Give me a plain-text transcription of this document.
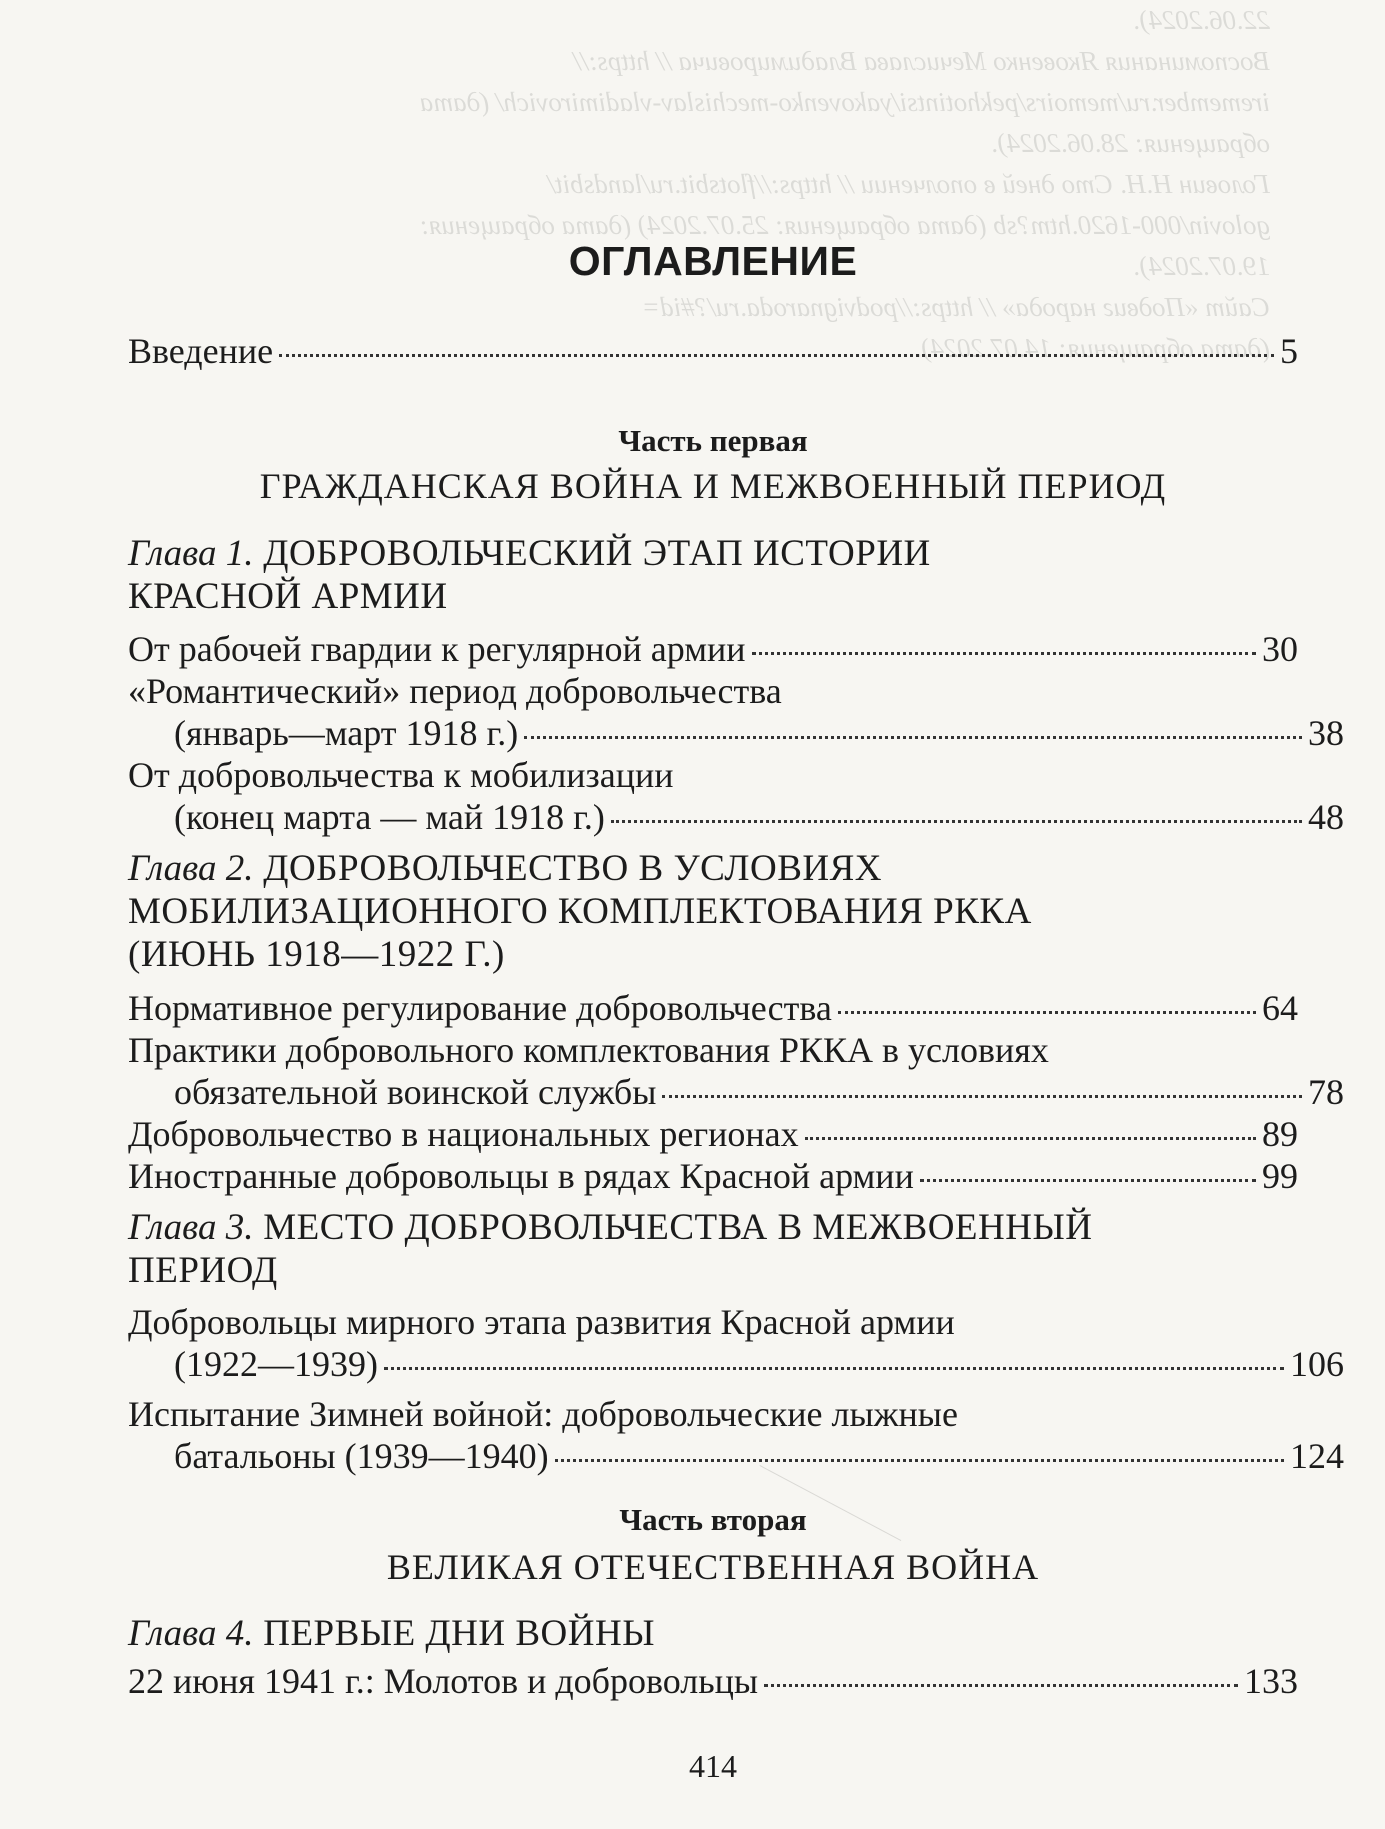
22.06.2024).
Воспоминания Яковенко Мечислава Владимировича // https://
iremember.ru/memoirs/pekhotintsi/yakovenko-mechislav-vladimirovich/ (дата
обращения: 28.06.2024).
Головин Н.Н. Сто дней в ополчении // https://flotsbit.ru/landsbit/
golovin/000-1620.htm?sb (дата обращения: 25.07.2024) (дата обращения:
19.07.2024).
Сайт «Подвиг народа» // https://podvignaroda.ru/?#id=
(дата обращения: 14.07.2024).
ОГЛАВЛЕНИЕ
Введение	5
Часть первая
ГРАЖДАНСКАЯ ВОЙНА И МЕЖВОЕННЫЙ ПЕРИОД
Глава 1. ДОБРОВОЛЬЧЕСКИЙ ЭТАП ИСТОРИИ
КРАСНОЙ АРМИИ
От рабочей гвардии к регулярной армии	30
«Романтический» период добровольчества
(январь—март 1918 г.)	38
От добровольчества к мобилизации
(конец марта — май 1918 г.)	48
Глава 2. ДОБРОВОЛЬЧЕСТВО В УСЛОВИЯХ
МОБИЛИЗАЦИОННОГО КОМПЛЕКТОВАНИЯ РККА
(ИЮНЬ 1918—1922 Г.)
Нормативное регулирование добровольчества	64
Практики добровольного комплектования РККА в условиях
обязательной воинской службы	78
Добровольчество в национальных регионах	89
Иностранные добровольцы в рядах Красной армии	99
Глава 3. МЕСТО ДОБРОВОЛЬЧЕСТВА В МЕЖВОЕННЫЙ
ПЕРИОД
Добровольцы мирного этапа развития Красной армии
(1922—1939)	106
Испытание Зимней войной: добровольческие лыжные
батальоны (1939—1940)	124
Часть вторая
ВЕЛИКАЯ ОТЕЧЕСТВЕННАЯ ВОЙНА
Глава 4. ПЕРВЫЕ ДНИ ВОЙНЫ
22 июня 1941 г.: Молотов и добровольцы	133
414
